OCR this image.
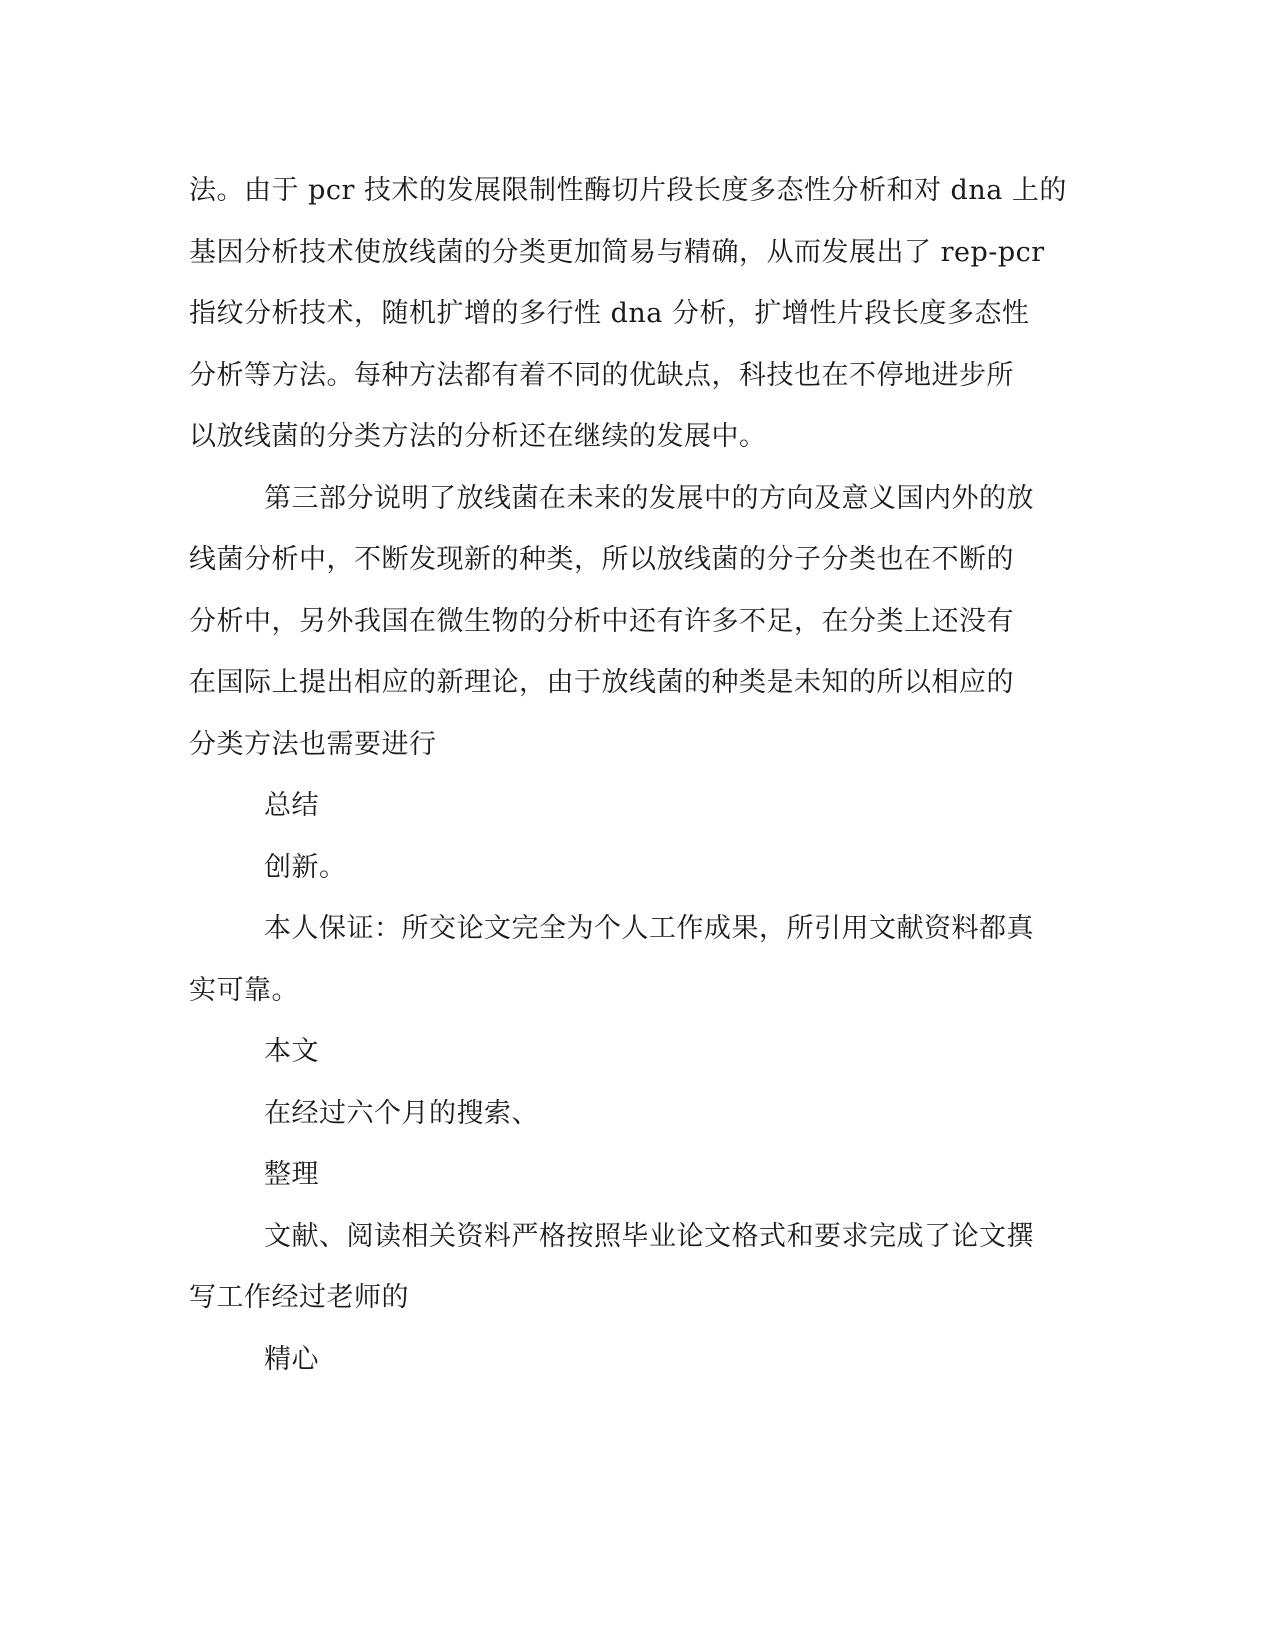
法。由于 pcr 技术的发展限制性酶切片段长度多态性分析和对 dna 上的
基因分析技术使放线菌的分类更加简易与精确，从而发展出了 rep-pcr
指纹分析技术，随机扩增的多行性 dna 分析，扩增性片段长度多态性
分析等方法。每种方法都有着不同的优缺点，科技也在不停地进步所
以放线菌的分类方法的分析还在继续的发展中。

第三部分说明了放线菌在未来的发展中的方向及意义国内外的放
线菌分析中，不断发现新的种类，所以放线菌的分子分类也在不断的
分析中，另外我国在微生物的分析中还有许多不足，在分类上还没有
在国际上提出相应的新理论，由于放线菌的种类是未知的所以相应的
分类方法也需要进行

总结

创新。

本人保证：所交论文完全为个人工作成果，所引用文献资料都真
实可靠。

本文

在经过六个月的搜索、

整理

文献、阅读相关资料严格按照毕业论文格式和要求完成了论文撰
写工作经过老师的

精心
